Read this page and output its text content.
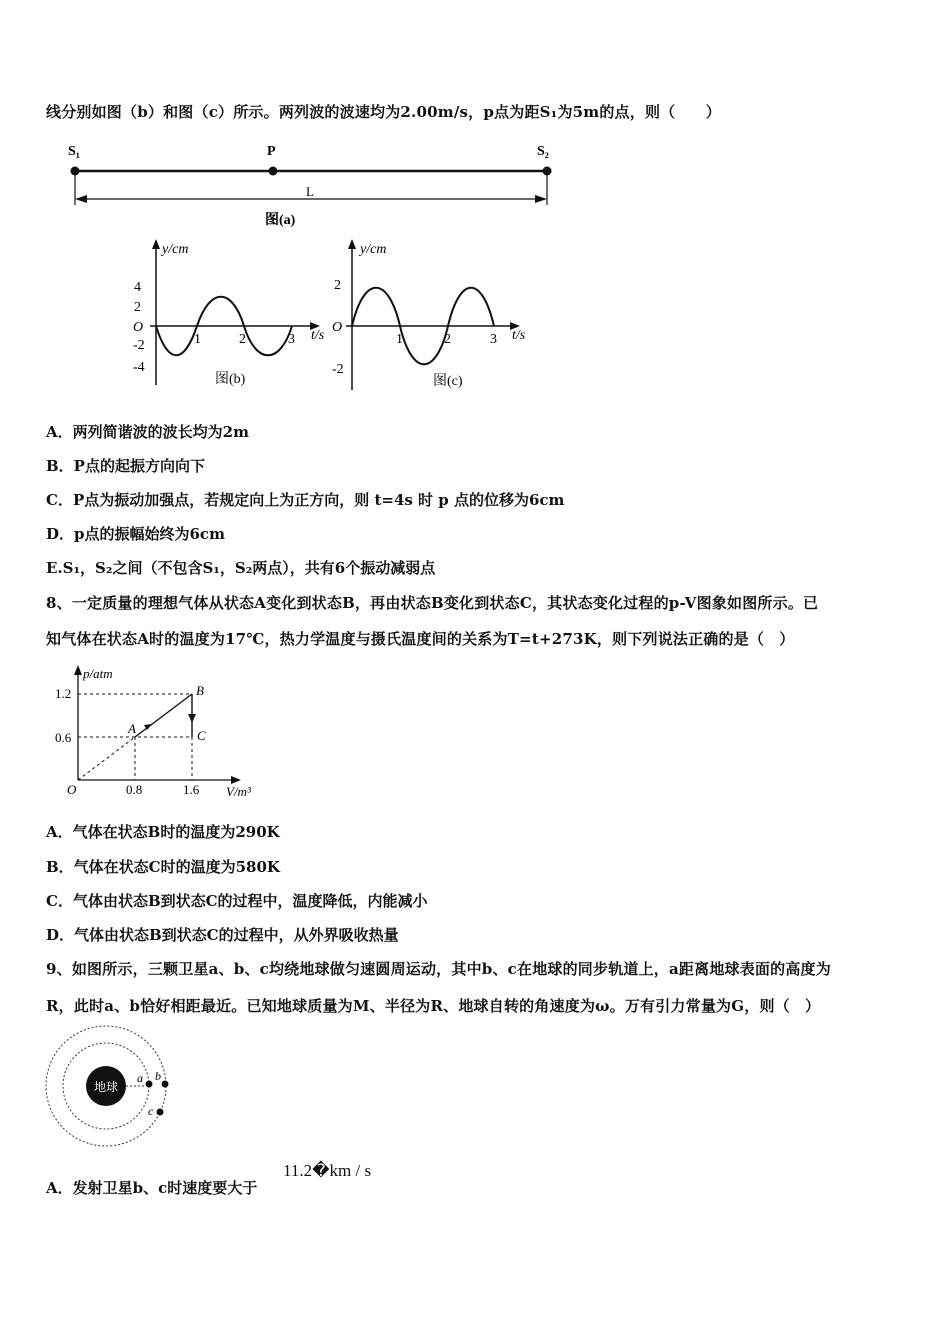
线分别如图（b）和图（c）所示。两列波的波速均为2.00m/s，p点为距S₁为5m的点，则（　　）
S₁	P	S₂
L
图(a)
y/cm
t/s
4
2
O
-2
-4
1	2	3
图(b)
y/cm
t/s
2
O
-2
1	2	3
图(c)
A．两列简谐波的波长均为2m
B．P点的起振方向向下
C．P点为振动加强点，若规定向上为正方向，则 t=4s 时 p 点的位移为6cm
D．p点的振幅始终为6cm
E.S₁，S₂之间（不包含S₁，S₂两点），共有6个振动减弱点
8、一定质量的理想气体从状态A变化到状态B，再由状态B变化到状态C，其状态变化过程的p-V图象如图所示。已
知气体在状态A时的温度为17℃，热力学温度与摄氏温度间的关系为T=t+273K，则下列说法正确的是（　）
p/atm
V/m³
O
1.2
0.6
0.8	1.6
A
B
C
A．气体在状态B时的温度为290K
B．气体在状态C时的温度为580K
C．气体由状态B到状态C的过程中，温度降低，内能减小
D．气体由状态B到状态C的过程中，从外界吸收热量
9、如图所示，三颗卫星a、b、c均绕地球做匀速圆周运动，其中b、c在地球的同步轨道上，a距离地球表面的高度为
R，此时a、b恰好相距最近。已知地球质量为M、半径为R、地球自转的角速度为ω。万有引力常量为G，则（　）
地球
a b
c
A．发射卫星b、c时速度要大于
11.2�km / s
